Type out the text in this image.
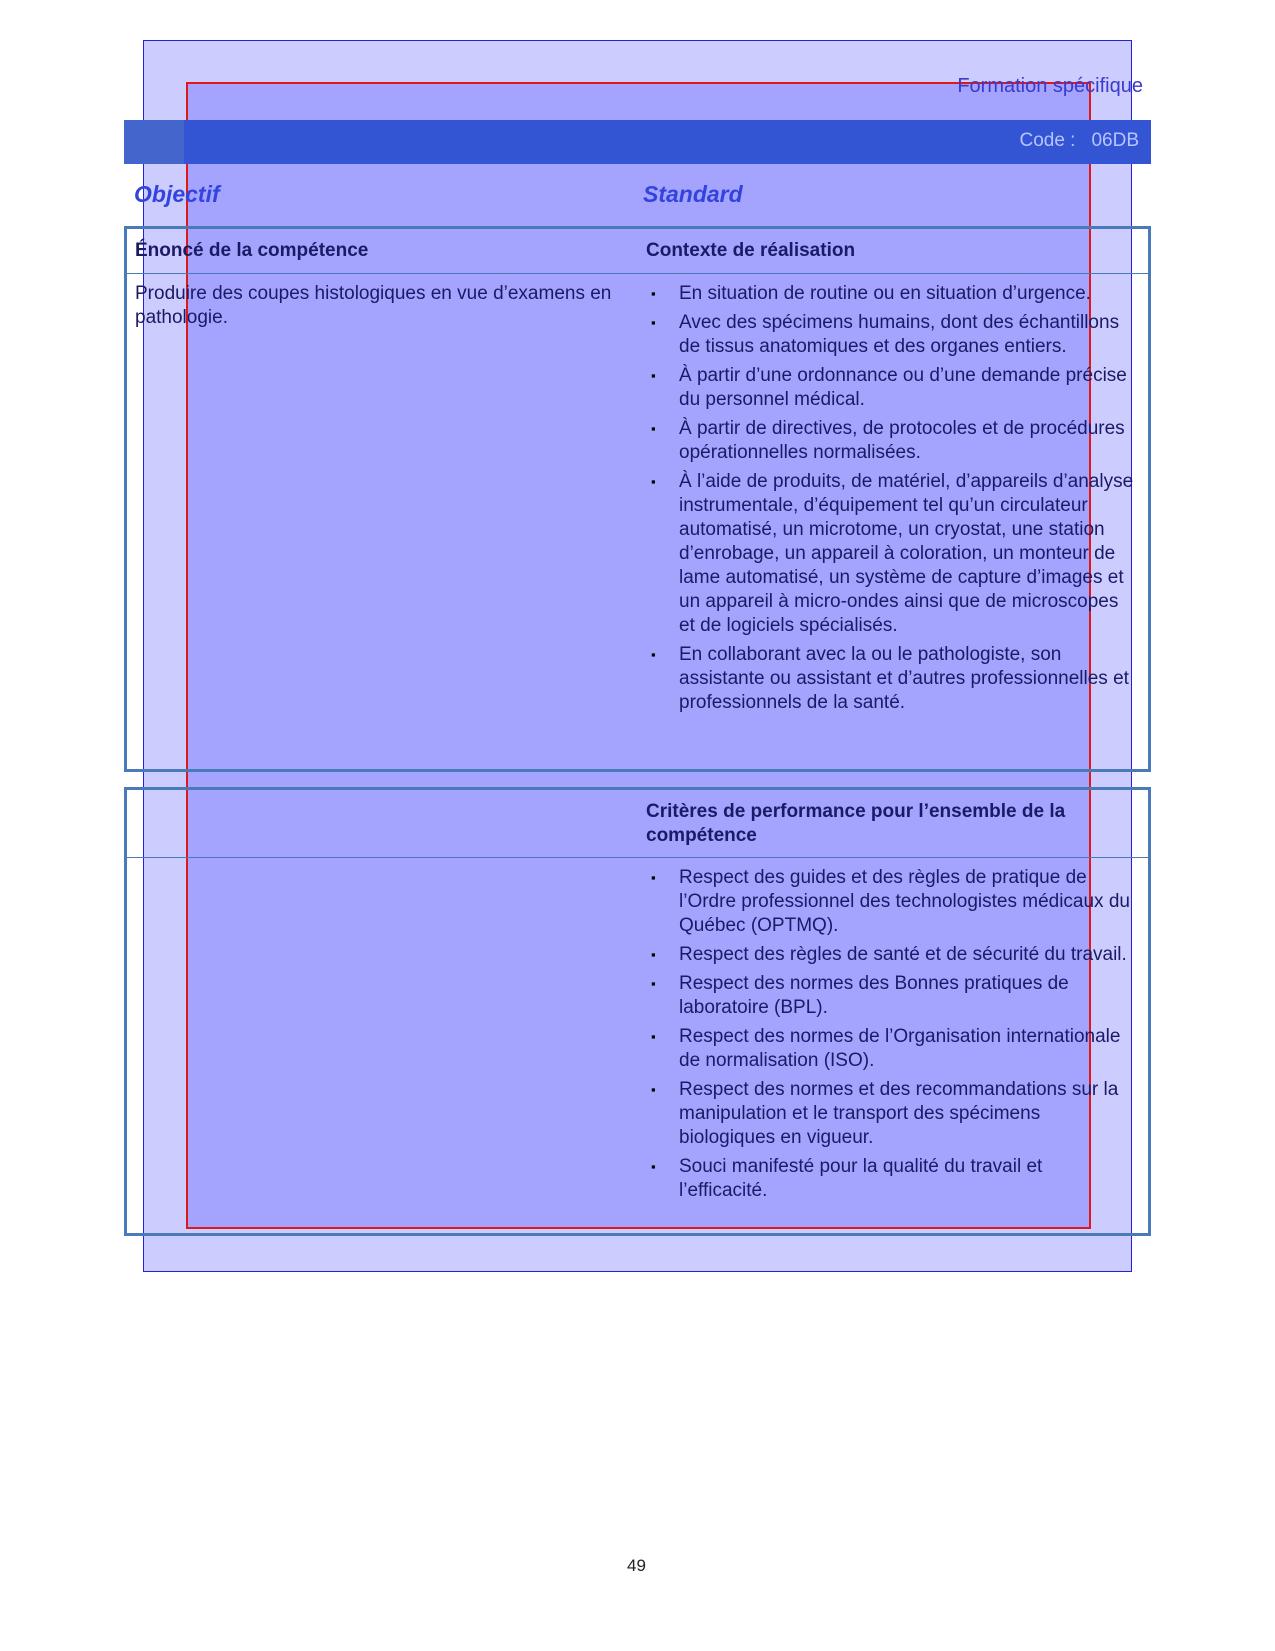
Formation spécifique
Code : 06DB
Objectif	Standard
Énoncé de la compétence	Contexte de réalisation
Produire des coupes histologiques en vue d’examens en pathologie.
▪ En situation de routine ou en situation d’urgence.
▪ Avec des spécimens humains, dont des échantillons de tissus anatomiques et des organes entiers.
▪ À partir d’une ordonnance ou d’une demande précise du personnel médical.
▪ À partir de directives, de protocoles et de procédures opérationnelles normalisées.
▪ À l’aide de produits, de matériel, d’appareils d’analyse instrumentale, d’équipement tel qu’un circulateur automatisé, un microtome, un cryostat, une station d’enrobage, un appareil à coloration, un monteur de lame automatisé, un système de capture d’images et un appareil à micro-ondes ainsi que de microscopes et de logiciels spécialisés.
▪ En collaborant avec la ou le pathologiste, son assistante ou assistant et d’autres professionnelles et professionnels de la santé.
Critères de performance pour l’ensemble de la compétence
▪ Respect des guides et des règles de pratique de l’Ordre professionnel des technologistes médicaux du Québec (OPTMQ).
▪ Respect des règles de santé et de sécurité du travail.
▪ Respect des normes des Bonnes pratiques de laboratoire (BPL).
▪ Respect des normes de l’Organisation internationale de normalisation (ISO).
▪ Respect des normes et des recommandations sur la manipulation et le transport des spécimens biologiques en vigueur.
▪ Souci manifesté pour la qualité du travail et l’efficacité.
49
